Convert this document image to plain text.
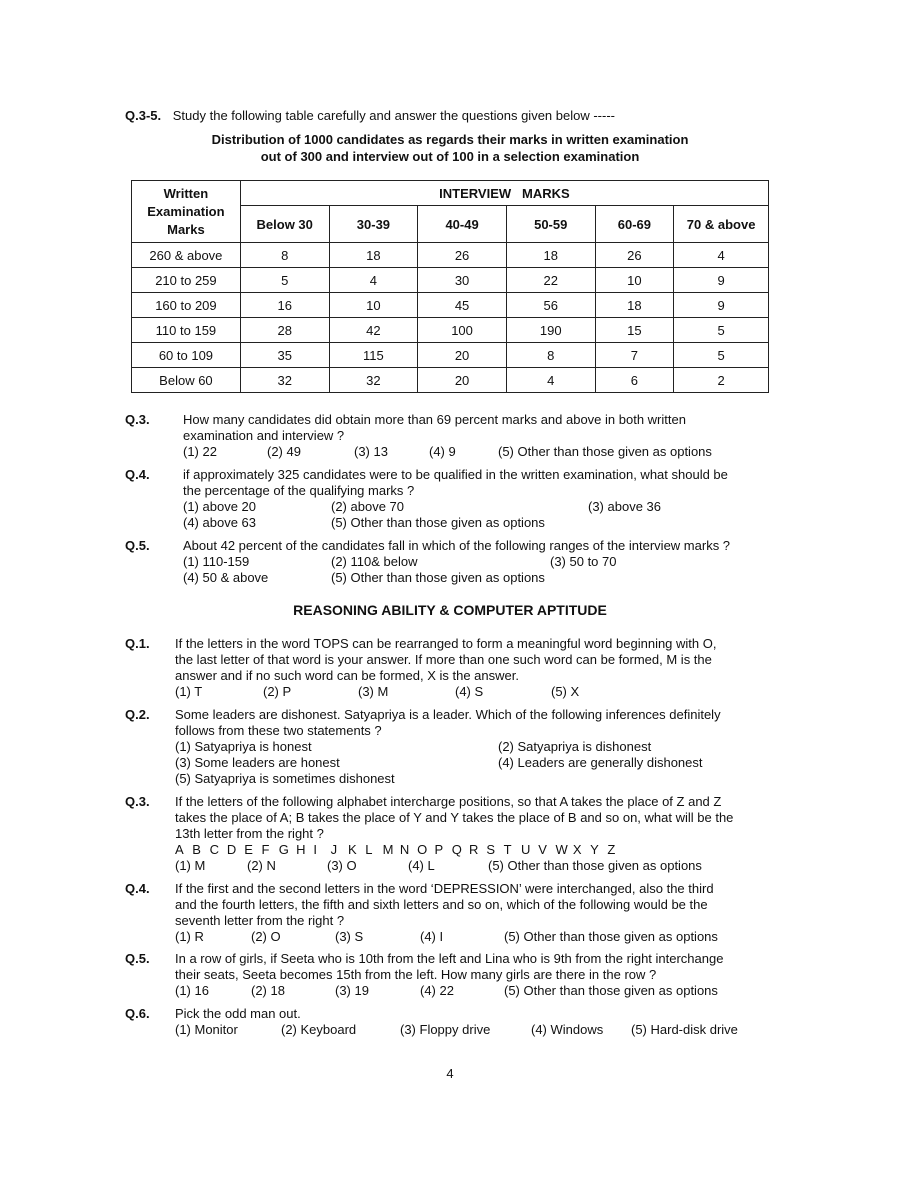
Q.3-5. Study the following table carefully and answer the questions given below -----
Distribution of 1000 candidates as regards their marks in written examination
out of 300 and interview out of 100 in a selection examination
Written
Examination
Marks	INTERVIEW   MARKS					
	Below 30	30-39	40-49	50-59	60-69	70 & above
260 & above	8	18	26	18	26	4
210 to 259	5	4	30	22	10	9
160 to 209	16	10	45	56	18	9
110 to 159	28	42	100	190	15	5
60 to 109	35	115	20	8	7	5
Below 60	32	32	20	4	6	2
Q.3.	How many candidates did obtain more than 69 percent marks and above in both written
examination and interview ?
(1) 22	(2) 49	(3) 13	(4) 9	(5) Other than those given as options
Q.4.	if approximately 325 candidates were to be qualified in the written examination, what should be
the percentage of the qualifying marks ?
(1) above 20	(2) above 70	(3) above 36
(4) above 63	(5) Other than those given as options
Q.5.	About 42 percent of the candidates fall in which of the following ranges of the interview marks ?
(1) 110-159	(2) 110& below	(3) 50 to 70
(4) 50 & above	(5) Other than those given as options
REASONING ABILITY & COMPUTER APTITUDE
Q.1. If the letters in the word TOPS can be rearranged to form a meaningful word beginning with O,
the last letter of that word is your answer. If more than one such word can be formed, M is the
answer and if no such word can be formed, X is the answer.
(1) T	(2) P	(3) M	(4) S	(5) X
Q.2. Some leaders are dishonest. Satyapriya is a leader. Which of the following inferences definitely
follows from these two statements ?
(1) Satyapriya is honest	(2) Satyapriya is dishonest
(3) Some leaders are honest	(4) Leaders are generally dishonest
(5) Satyapriya is sometimes dishonest
Q.3. If the letters of the following alphabet intercharge positions, so that A takes the place of Z and Z
takes the place of A; B takes the place of Y and Y takes the place of B and so on, what will be the
13th letter from the right ?
A B C D E F G H I J K L M N O P Q R S T U V W X Y Z
(1) M	(2) N	(3) O	(4) L	(5) Other than those given as options
Q.4. If the first and the second letters in the word ‘DEPRESSION’ were interchanged, also the third
and the fourth letters, the fifth and sixth letters and so on, which of the following would be the
seventh letter from the right ?
(1) R	(2) O	(3) S	(4) I	(5) Other than those given as options
Q.5. In a row of girls, if Seeta who is 10th from the left and Lina who is 9th from the right interchange
their seats, Seeta becomes 15th from the left. How many girls are there in the row ?
(1) 16	(2) 18	(3) 19	(4) 22	(5) Other than those given as options
Q.6. Pick the odd man out.
(1) Monitor	(2) Keyboard	(3) Floppy drive	(4) Windows (5) Hard-disk drive
4
